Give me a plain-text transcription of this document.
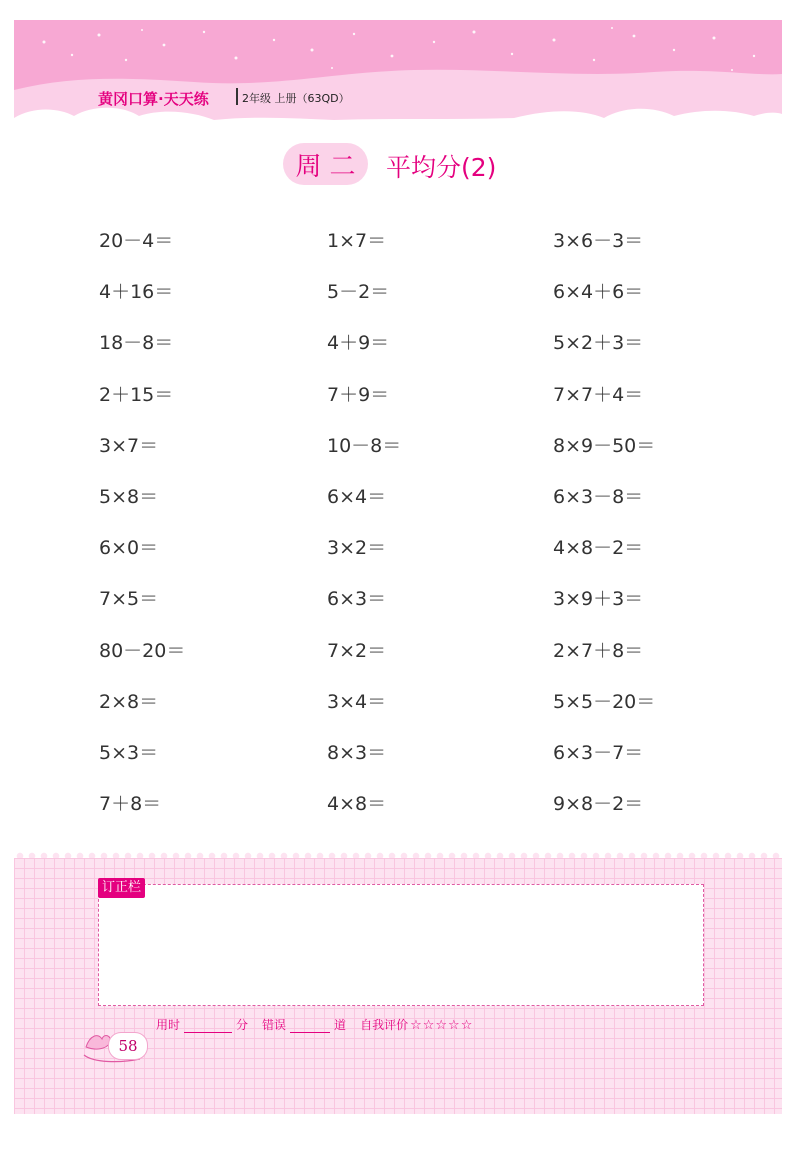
黄冈口算·天天练	2年级 上册（63QD）
周二 平均分(2)
20－4＝	1×7＝	3×6－3＝
4＋16＝	5－2＝	6×4＋6＝
18－8＝	4＋9＝	5×2＋3＝
2＋15＝	7＋9＝	7×7＋4＝
3×7＝	10－8＝	8×9－50＝
5×8＝	6×4＝	6×3－8＝
6×0＝	3×2＝	4×8－2＝
7×5＝	6×3＝	3×9＋3＝
80－20＝	7×2＝	2×7＋8＝
2×8＝	3×4＝	5×5－20＝
5×3＝	8×3＝	6×3－7＝
7＋8＝	4×8＝	9×8－2＝
订正栏
58
用时	分 错误	道 自我评价 ☆☆☆☆☆
